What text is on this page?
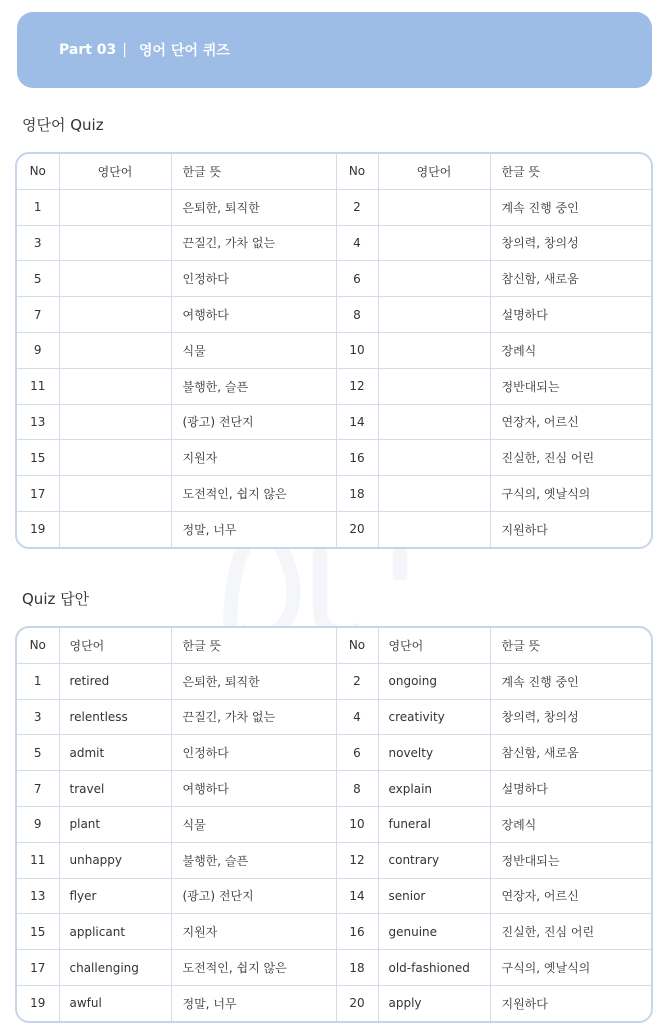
Part 03 | 영어 단어 퀴즈
영단어 Quiz
No	영단어	한글 뜻	No	영단어	한글 뜻
1		은퇴한, 퇴직한	2		계속 진행 중인
3		끈질긴, 가차 없는	4		창의력, 창의성
5		인정하다	6		참신함, 새로움
7		여행하다	8		설명하다
9		식물	10		장례식
11		불행한, 슬픈	12		정반대되는
13		(광고) 전단지	14		연장자, 어르신
15		지원자	16		진실한, 진심 어린
17		도전적인, 쉽지 않은	18		구식의, 옛날식의
19		정말, 너무	20		지원하다
Quiz 답안
No	영단어	한글 뜻	No	영단어	한글 뜻
1	retired	은퇴한, 퇴직한	2	ongoing	계속 진행 중인
3	relentless	끈질긴, 가차 없는	4	creativity	창의력, 창의성
5	admit	인정하다	6	novelty	참신함, 새로움
7	travel	여행하다	8	explain	설명하다
9	plant	식물	10	funeral	장례식
11	unhappy	불행한, 슬픈	12	contrary	정반대되는
13	flyer	(광고) 전단지	14	senior	연장자, 어르신
15	applicant	지원자	16	genuine	진실한, 진심 어린
17	challenging	도전적인, 쉽지 않은	18	old-fashioned	구식의, 옛날식의
19	awful	정말, 너무	20	apply	지원하다
